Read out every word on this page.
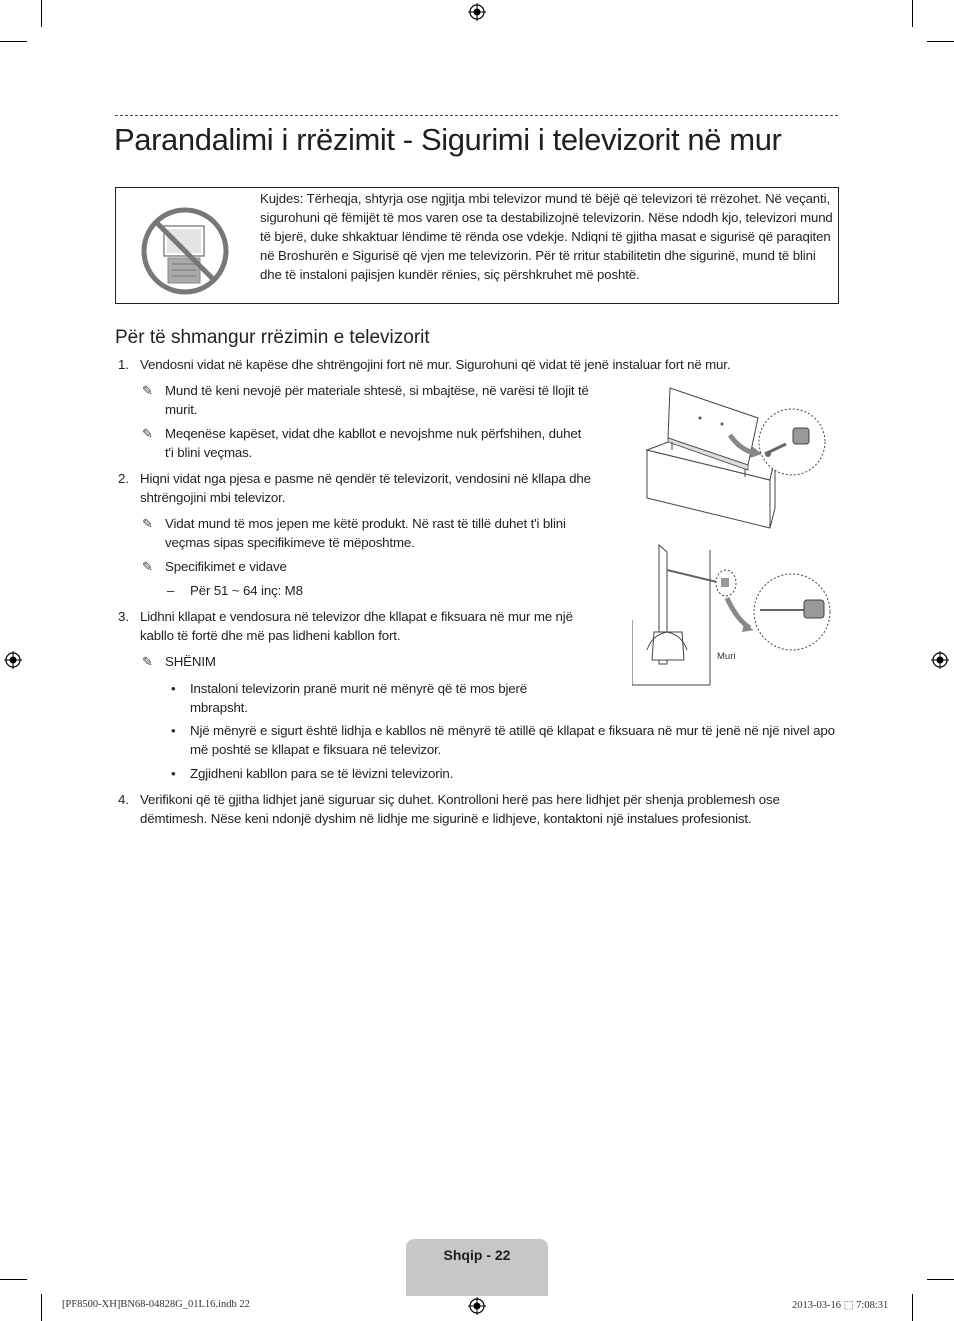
Parandalimi i rrëzimit - Sigurimi i televizorit në mur
Kujdes: Tërheqja, shtyrja ose ngjitja mbi televizor mund të bëjë që televizori të rrëzohet. Në veçanti, sigurohuni që fëmijët të mos varen ose ta destabilizojnë televizorin. Nëse ndodh kjo, televizori mund të bjerë, duke shkaktuar lëndime të rënda ose vdekje. Ndiqni të gjitha masat e sigurisë që paraqiten në Broshurën e Sigurisë që vjen me televizorin. Për të rritur stabilitetin dhe sigurinë, mund të blini dhe të instaloni pajisjen kundër rënies, siç përshkruhet më poshtë.
Për të shmangur rrëzimin e televizorit
1. Vendosni vidat në kapëse dhe shtrëngojini fort në mur. Sigurohuni që vidat të jenë instaluar fort në mur.
✎ Mund të keni nevojë për materiale shtesë, si mbajtëse, në varësi të llojit të murit.
✎ Meqenëse kapëset, vidat dhe kabllot e nevojshme nuk përfshihen, duhet t'i blini veçmas.
2. Hiqni vidat nga pjesa e pasme në qendër të televizorit, vendosini në kllapa dhe shtrëngojini mbi televizor.
✎ Vidat mund të mos jepen me këtë produkt. Në rast të tillë duhet t'i blini veçmas sipas specifikimeve të mëposhtme.
✎ Specifikimet e vidave
– Për 51 ~ 64 inç: M8
3. Lidhni kllapat e vendosura në televizor dhe kllapat e fiksuara në mur me një kabllo të fortë dhe më pas lidheni kabllon fort.
✎ SHËNIM
• Instaloni televizorin pranë murit në mënyrë që të mos bjerë mbrapsht.
• Një mënyrë e sigurt është lidhja e kabllos në mënyrë të atillë që kllapat e fiksuara në mur të jenë në një nivel apo më poshtë se kllapat e fiksuara në televizor.
• Zgjidheni kabllon para se të lëvizni televizorin.
4. Verifikoni që të gjitha lidhjet janë siguruar siç duhet. Kontrolloni herë pas here lidhjet për shenja problemesh ose dëmtimesh. Nëse keni ndonjë dyshim në lidhje me sigurinë e lidhjeve, kontaktoni një instalues profesionist.
Muri
Shqip - 22
[PF8500-XH]BN68-04828G_01L16.indb 22	2013-03-16 ⬚ 7:08:31
